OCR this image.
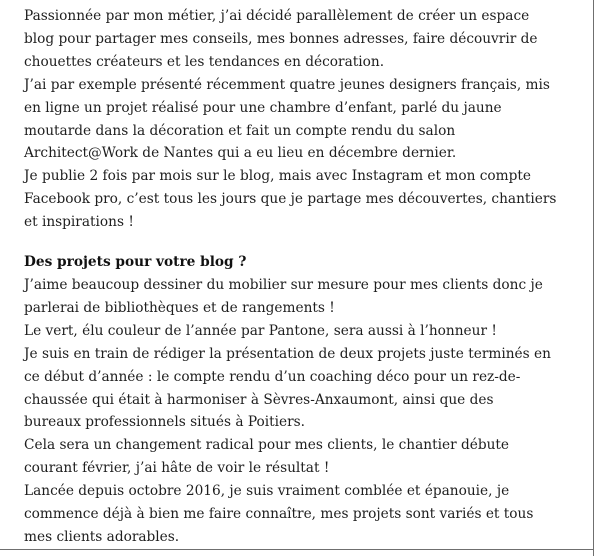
Passionnée par mon métier, j’ai décidé parallèlement de créer un espace
blog pour partager mes conseils, mes bonnes adresses, faire découvrir de
chouettes créateurs et les tendances en décoration.
J’ai par exemple présenté récemment quatre jeunes designers français, mis
en ligne un projet réalisé pour une chambre d’enfant, parlé du jaune
moutarde dans la décoration et fait un compte rendu du salon
Architect@Work de Nantes qui a eu lieu en décembre dernier.
Je publie 2 fois par mois sur le blog, mais avec Instagram et mon compte
Facebook pro, c’est tous les jours que je partage mes découvertes, chantiers
et inspirations !
Des projets pour votre blog ?
J’aime beaucoup dessiner du mobilier sur mesure pour mes clients donc je
parlerai de bibliothèques et de rangements !
Le vert, élu couleur de l’année par Pantone, sera aussi à l’honneur !
Je suis en train de rédiger la présentation de deux projets juste terminés en
ce début d’année : le compte rendu d’un coaching déco pour un rez-de-
chaussée qui était à harmoniser à Sèvres-Anxaumont, ainsi que des
bureaux professionnels situés à Poitiers.
Cela sera un changement radical pour mes clients, le chantier débute
courant février, j’ai hâte de voir le résultat !
Lancée depuis octobre 2016, je suis vraiment comblée et épanouie, je
commence déjà à bien me faire connaître, mes projets sont variés et tous
mes clients adorables.
